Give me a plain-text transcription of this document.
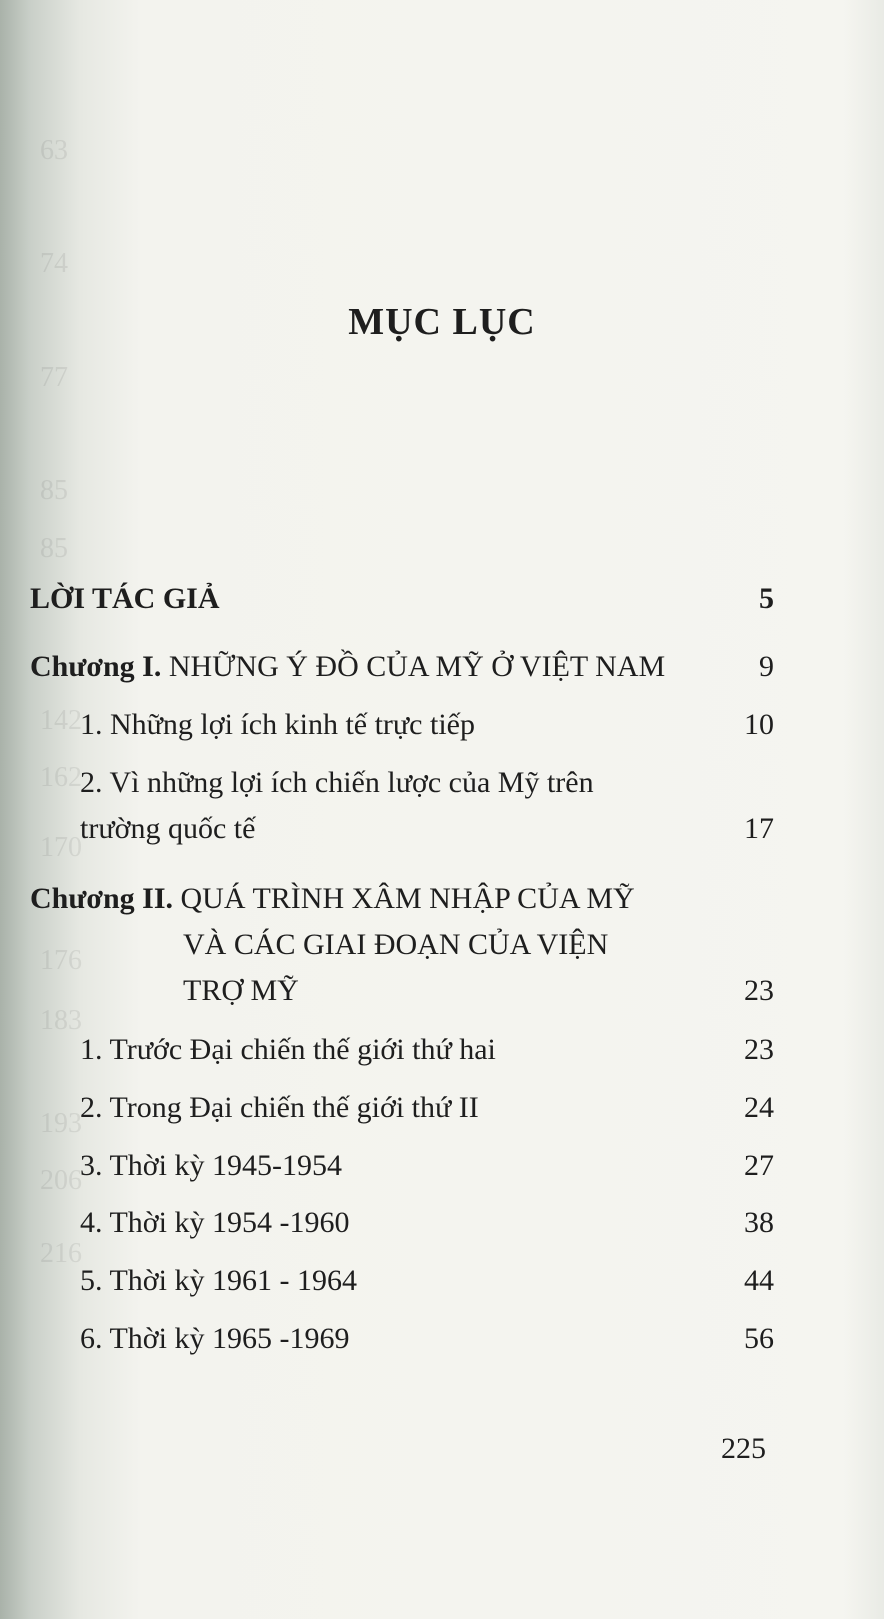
63
74
77
85
85
142
162
170
176
183
193
206
216
MỤC LỤC
LỜI TÁC GIẢ	5
Chương I. NHỮNG Ý ĐỒ CỦA MỸ Ở VIỆT NAM	9
1. Những lợi ích kinh tế trực tiếp	10
2. Vì những lợi ích chiến lược của Mỹ trên
trường quốc tế	17
Chương II. QUÁ TRÌNH XÂM NHẬP CỦA MỸ
VÀ CÁC GIAI ĐOẠN CỦA VIỆN
TRỢ MỸ	23
1. Trước Đại chiến thế giới thứ hai	23
2. Trong Đại chiến thế giới thứ II	24
3. Thời kỳ 1945-1954	27
4. Thời kỳ 1954 -1960	38
5. Thời kỳ 1961 - 1964	44
6. Thời kỳ 1965 -1969	56
225
